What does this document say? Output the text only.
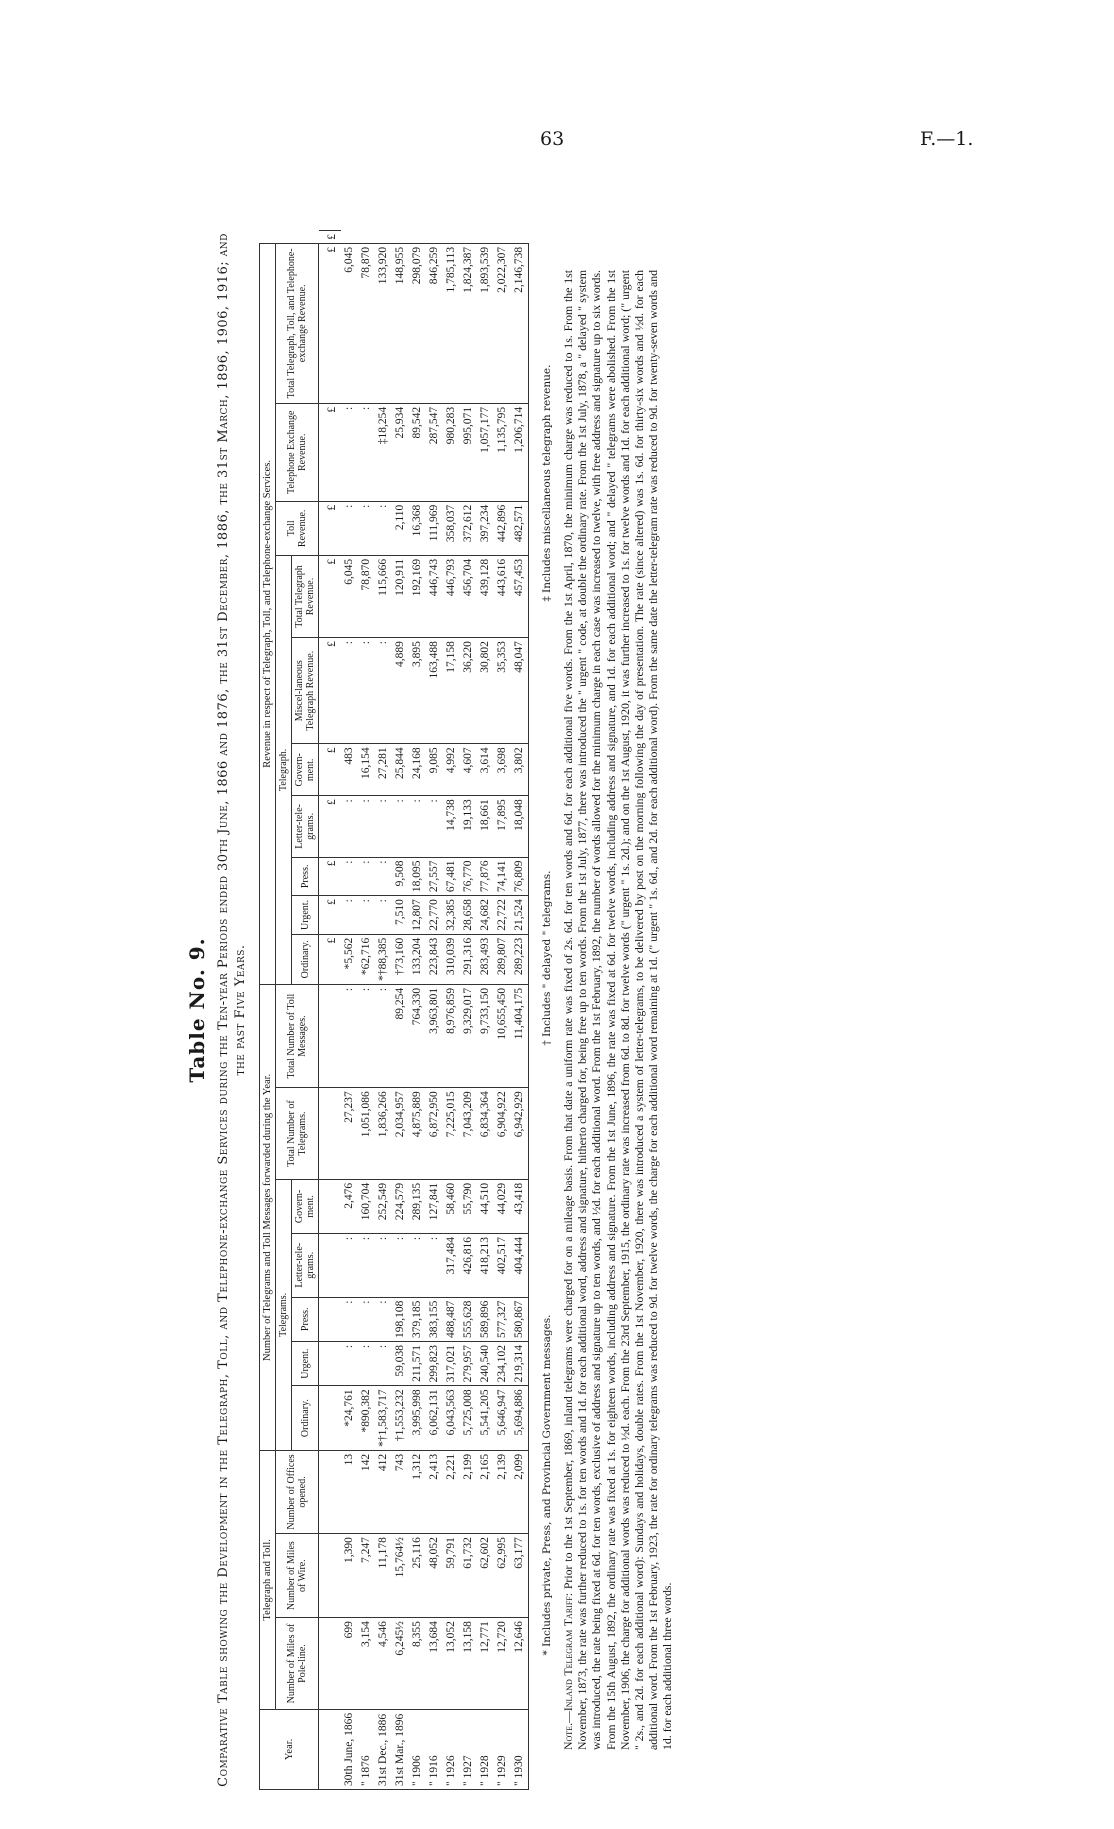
63	F.—1.
Table No. 9. Comparative Table showing the Development in the Telegraph, Toll, and Telephone-exchange Services during the Ten-year Periods ended 30th June, 1866 and 1876, the 31st December, 1886, the 31st March, 1896, 1906, 1916; and the past Five Years.
Year.	Telegraph and Toll.			Number of Telegrams and Toll Messages forwarded during the Year.							Revenue in respect of Telegraph, Toll, and Telephone-exchange Services.										
	Number of Miles of Pole-line.	Number of Miles of Wire.	Number of Offices opened.	Telegrams.					Total Number of Telegrams.	Total Number of Toll Messages.	Telegraph.							Toll Revenue.	Telephone Exchange Revenue.	Total Telegraph, Toll, and Telephone-exchange Revenue.	
				Ordinary.	Urgent.	Press.	Letter-tele-grams.	Govern-ment.			Ordinary.	Urgent.	Press.	Letter-tele-grams.	Govern-ment.	Miscel-laneous Telegraph Revenue.	Total Telegraph Revenue.				
											£	£	£	£	£	£	£	£	£	£	£
30th June, 1866	699	1,390	13	*24,761	:	:	:	2,476	27,237	:	*5,562	:	:	:	483	:	6,045	:	:	6,045	
" 1876	3,154	7,247	142	*890,382	:	:	:	160,704	1,051,086	:	*62,716	:	:	:	16,154	:	78,870	:	:	78,870	
31st Dec., 1886	4,546	11,178	412	*†1,583,717	:	:	:	252,549	1,836,266	:	*†88,385	:	:	:	27,281	:	115,666	:	‡18,254	133,920	
31st Mar., 1896	6,245½	15,764½	743	†1,553,232	59,038	198,108	:	224,579	2,034,957	89,254	†73,160	7,510	9,508	:	25,844	4,889	120,911	2,110	25,934	148,955	
" 1906	8,355	25,116	1,312	3,995,998	211,571	379,185	:	289,135	4,875,889	764,330	133,204	12,807	18,095	:	24,168	3,895	192,169	16,368	89,542	298,079	
" 1916	13,684	48,052	2,413	6,062,131	299,823	383,155	:	127,841	6,872,950	3,963,801	223,843	22,770	27,557	:	9,085	163,488	446,743	111,969	287,547	846,259	
" 1926	13,052	59,791	2,221	6,043,563	317,021	488,487	317,484	58,460	7,225,015	8,976,859	310,039	32,385	67,481	14,738	4,992	17,158	446,793	358,037	980,283	1,785,113	
" 1927	13,158	61,732	2,199	5,725,008	279,957	555,628	426,816	55,790	7,043,209	9,329,017	291,316	28,658	76,770	19,133	4,607	36,220	456,704	372,612	995,071	1,824,387	
" 1928	12,771	62,602	2,165	5,541,205	240,540	589,896	418,213	44,510	6,834,364	9,733,150	283,493	24,682	77,876	18,661	3,614	30,802	439,128	397,234	1,057,177	1,893,539	
" 1929	12,720	62,995	2,139	5,646,947	234,102	577,327	402,517	44,029	6,904,922	10,655,450	289,807	22,722	74,141	17,895	3,698	35,353	443,616	442,896	1,135,795	2,022,307	
" 1930	12,646	63,177	2,099	5,694,886	219,314	580,867	404,444	43,418	6,942,929	11,404,175	289,223	21,524	76,809	18,048	3,802	48,047	457,453	482,571	1,206,714	2,146,738	
* Includes private, Press, and Provincial Government messages.
† Includes " delayed " telegrams.
‡ Includes miscellaneous telegraph revenue.
Note.—Inland Telegram Tariff: Prior to the 1st September, 1869, inland telegrams were charged for on a mileage basis. From that date a uniform rate was fixed of 2s. 6d. for ten words and 6d. for each additional five words. From the 1st April, 1870, the minimum charge was reduced to 1s. From the 1st November, 1873, the rate was further reduced to 1s. for ten words and 1d. for each additional word, address and signature, hitherto charged for, being free up to ten words. From the 1st July, 1877, there was introduced the " urgent " code, at double the ordinary rate. From the 1st July, 1878, a " delayed " system was introduced, the rate being fixed at 6d. for ten words, exclusive of address and signature up to ten words, and ½d. for each additional word. From the 1st February, 1892, the number of words allowed for the minimum charge in each case was increased to twelve, with free address and signature up to six words. From the 15th August, 1892, the ordinary rate was fixed at 1s. for eighteen words, including address and signature. From the 1st June, 1896, the rate was fixed at 6d. for twelve words, including address and signature, and 1d. for each additional word; and " delayed " telegrams were abolished. From the 1st November, 1906, the charge for additional words was reduced to ½d. each. From the 23rd September, 1915, the ordinary rate was increased from 6d. to 8d. for twelve words (" urgent " 1s. 2d.); and on the 1st August, 1920, it was further increased to 1s. for twelve words and 1d. for each additional word; (" urgent " 2s., and 2d. for each additional word): Sundays and holidays, double rates. From the 1st November, 1920, there was introduced a system of letter-telegrams, to be delivered by post on the morning following the day of presentation. The rate (since altered) was 1s. 6d. for thirty-six words and ½d. for each additional word. From the 1st February, 1923, the rate for ordinary telegrams was reduced to 9d. for twelve words, the charge for each additional word remaining at 1d. (" urgent " 1s. 6d., and 2d. for each additional word). From the same date the letter-telegram rate was reduced to 9d. for twenty-seven words and 1d. for each additional three words.
